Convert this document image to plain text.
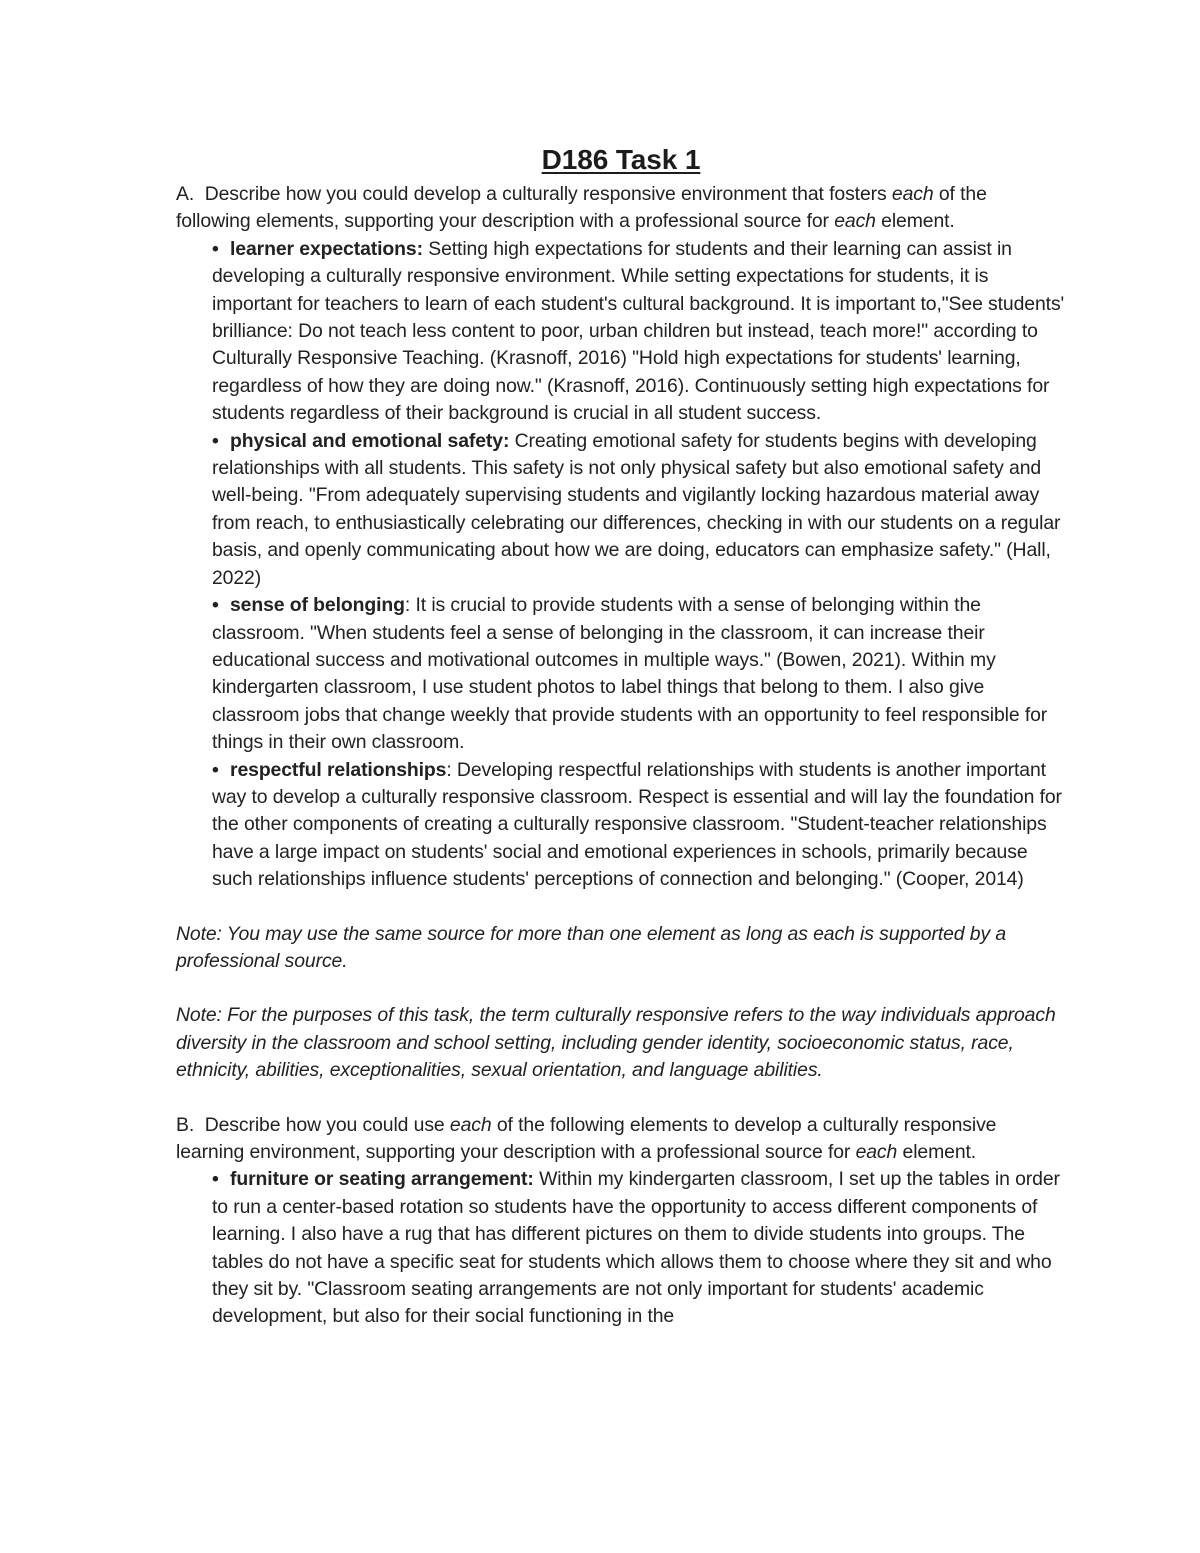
D186 Task 1

A. Describe how you could develop a culturally responsive environment that fosters each of the following elements, supporting your description with a professional source for each element.

• learner expectations: Setting high expectations for students and their learning can assist in developing a culturally responsive environment. While setting expectations for students, it is important for teachers to learn of each student's cultural background. It is important to,"See students' brilliance: Do not teach less content to poor, urban children but instead, teach more!" according to Culturally Responsive Teaching. (Krasnoff, 2016) "Hold high expectations for students' learning, regardless of how they are doing now." (Krasnoff, 2016). Continuously setting high expectations for students regardless of their background is crucial in all student success.
• physical and emotional safety: Creating emotional safety for students begins with developing relationships with all students. This safety is not only physical safety but also emotional safety and well-being. "From adequately supervising students and vigilantly locking hazardous material away from reach, to enthusiastically celebrating our differences, checking in with our students on a regular basis, and openly communicating about how we are doing, educators can emphasize safety." (Hall, 2022)
• sense of belonging: It is crucial to provide students with a sense of belonging within the classroom. "When students feel a sense of belonging in the classroom, it can increase their educational success and motivational outcomes in multiple ways." (Bowen, 2021). Within my kindergarten classroom, I use student photos to label things that belong to them. I also give classroom jobs that change weekly that provide students with an opportunity to feel responsible for things in their own classroom.
• respectful relationships: Developing respectful relationships with students is another important way to develop a culturally responsive classroom. Respect is essential and will lay the foundation for the other components of creating a culturally responsive classroom. "Student-teacher relationships have a large impact on students' social and emotional experiences in schools, primarily because such relationships influence students' perceptions of connection and belonging." (Cooper, 2014)

Note: You may use the same source for more than one element as long as each is supported by a professional source.

Note: For the purposes of this task, the term culturally responsive refers to the way individuals approach diversity in the classroom and school setting, including gender identity, socioeconomic status, race, ethnicity, abilities, exceptionalities, sexual orientation, and language abilities.

B. Describe how you could use each of the following elements to develop a culturally responsive learning environment, supporting your description with a professional source for each element.

• furniture or seating arrangement: Within my kindergarten classroom, I set up the tables in order to run a center-based rotation so students have the opportunity to access different components of learning. I also have a rug that has different pictures on them to divide students into groups. The tables do not have a specific seat for students which allows them to choose where they sit and who they sit by. "Classroom seating arrangements are not only important for students' academic development, but also for their social functioning in the
